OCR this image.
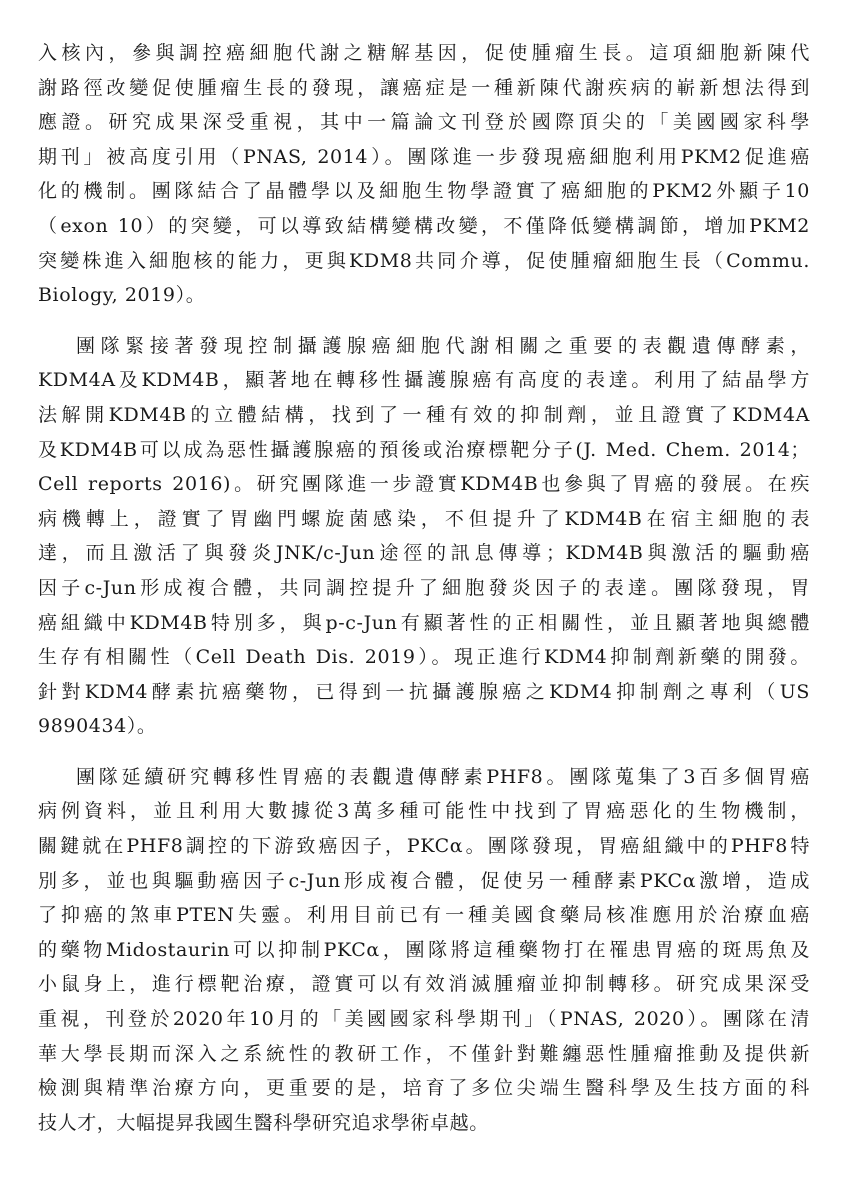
入核內，參與調控癌細胞代謝之糖解基因，促使腫瘤生長。這項細胞新陳代
謝路徑改變促使腫瘤生長的發現，讓癌症是一種新陳代謝疾病的嶄新想法得到
應證。研究成果深受重視，其中一篇論文刊登於國際頂尖的「美國國家科學
期刊」被高度引用（PNAS, 2014）。團隊進一步發現癌細胞利用PKM2促進癌
化的機制。團隊結合了晶體學以及細胞生物學證實了癌細胞的PKM2外顯子10
（exon 10）的突變，可以導致結構變構改變，不僅降低變構調節，增加PKM2
突變株進入細胞核的能力，更與KDM8共同介導，促使腫瘤細胞生長（Commu.
Biology, 2019）。
團隊緊接著發現控制攝護腺癌細胞代謝相關之重要的表觀遺傳酵素，
KDM4A及KDM4B，顯著地在轉移性攝護腺癌有高度的表達。利用了結晶學方
法解開KDM4B的立體結構，找到了一種有效的抑制劑，並且證實了KDM4A
及KDM4B可以成為惡性攝護腺癌的預後或治療標靶分子(J. Med. Chem. 2014；
Cell reports 2016)。研究團隊進一步證實KDM4B也參與了胃癌的發展。在疾
病機轉上，證實了胃幽門螺旋菌感染，不但提升了KDM4B在宿主細胞的表
達，而且激活了與發炎JNK/c-Jun途徑的訊息傳導；KDM4B與激活的驅動癌
因子c-Jun形成複合體，共同調控提升了細胞發炎因子的表達。團隊發現，胃
癌組織中KDM4B特別多，與p-c-Jun有顯著性的正相關性，並且顯著地與總體
生存有相關性（Cell Death Dis. 2019）。現正進行KDM4抑制劑新藥的開發。
針對KDM4酵素抗癌藥物，已得到一抗攝護腺癌之KDM4抑制劑之專利（US
9890434）。
團隊延續研究轉移性胃癌的表觀遺傳酵素PHF8。團隊蒐集了3百多個胃癌
病例資料，並且利用大數據從3萬多種可能性中找到了胃癌惡化的生物機制，
關鍵就在PHF8調控的下游致癌因子，PKCα。團隊發現，胃癌組織中的PHF8特
別多，並也與驅動癌因子c-Jun形成複合體，促使另一種酵素PKCα激增，造成
了抑癌的煞車PTEN失靈。利用目前已有一種美國食藥局核准應用於治療血癌
的藥物Midostaurin可以抑制PKCα，團隊將這種藥物打在罹患胃癌的斑馬魚及
小鼠身上，進行標靶治療，證實可以有效消滅腫瘤並抑制轉移。研究成果深受
重視，刊登於2020年10月的「美國國家科學期刊」（PNAS, 2020）。團隊在清
華大學長期而深入之系統性的教研工作，不僅針對難纏惡性腫瘤推動及提供新
檢測與精準治療方向，更重要的是，培育了多位尖端生醫科學及生技方面的科
技人才，大幅提昇我國生醫科學研究追求學術卓越。
